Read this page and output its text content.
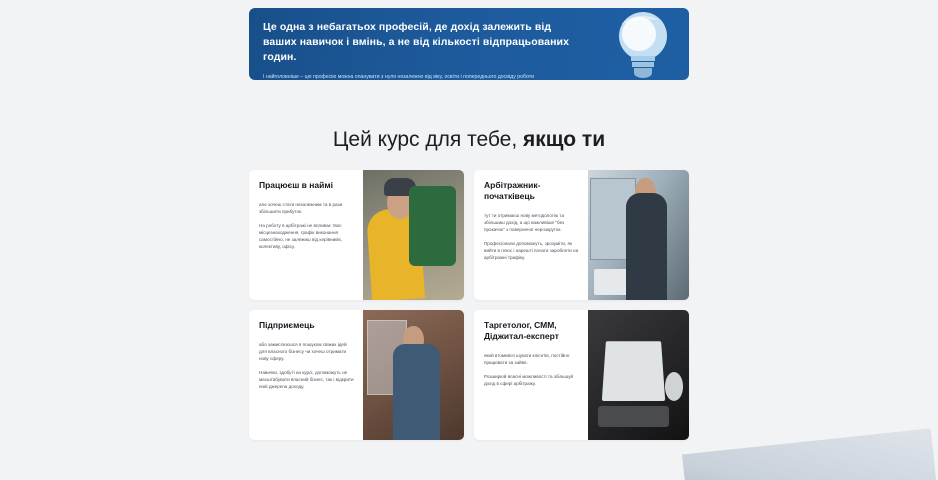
Це одна з небагатьох професій, де дохід залежить від ваших навичок і вмінь, а не від кількості відпрацьованих годин.
І найголовніше – цю професію можна опанувати з нуля незалежно від віку, освіти і попереднього досвіду роботи
Цей курс для тебе, якщо ти
Працюєш в наймі

але хочеш стати незалежним та в рази збільшити прибуток.

На роботу в арбітражі не впливає твоє місцезнаходження, графік виконання самостійно, не залежиш від керівників, колективу, офісу.

Арбітражник-початківець

тут ти отримаєш нову методологію та збільшиш дохід, а що важливіше "без прокачок" з поверненої нерозкруток.

Професіонали допоможуть, зрозуміти, як вийти в плюс і нарешті почати заробляти на арбітражні трафіку.

Підприємець

або замислюєшся я пошуком свіжих ідей для власного бізнесу чи хочеш отримати нову сферу.

Навички, здобуті на курсі, допоможуть не масштабувати власний бізнес, так і відкрити нові джерела доходу.

Таргетолог, СММ, Діджитал-експерт

який втомився шукати клієнтів, постійно працювати за зайве.

Розширюй власні можливості та збільшуй дохід в сфері арбітражу.
